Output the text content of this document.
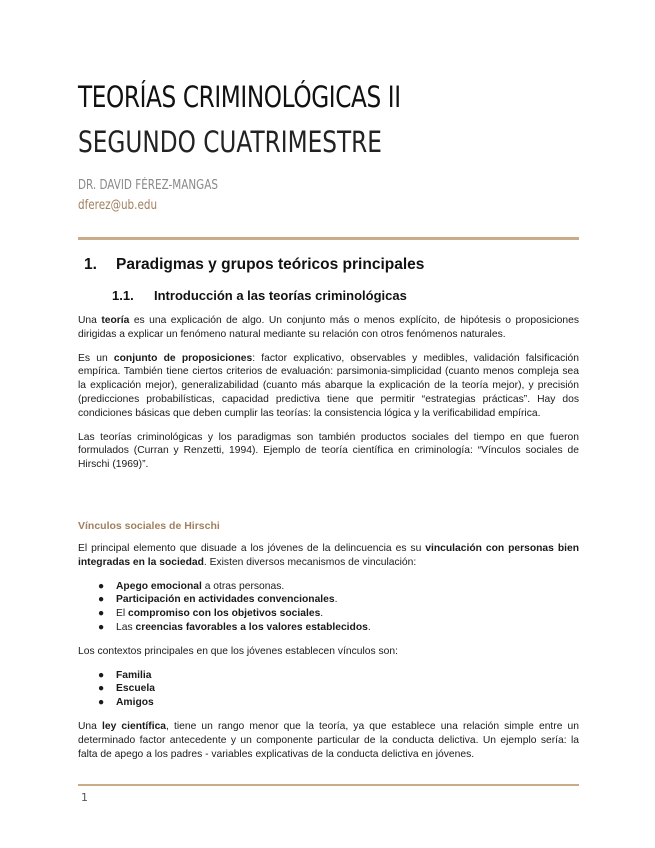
TEORÍAS CRIMINOLÓGICAS II
SEGUNDO CUATRIMESTRE
DR. DAVID FÉREZ-MANGAS
dferez@ub.edu
1. Paradigmas y grupos teóricos principales
1.1. Introducción a las teorías criminológicas

Una teoría es una explicación de algo. Un conjunto más o menos explícito, de hipótesis o proposiciones dirigidas a explicar un fenómeno natural mediante su relación con otros fenómenos naturales.

Es un conjunto de proposiciones: factor explicativo, observables y medibles, validación falsificación empírica. También tiene ciertos criterios de evaluación: parsimonia-simplicidad (cuanto menos compleja sea la explicación mejor), generalizabilidad (cuanto más abarque la explicación de la teoría mejor), y precisión (predicciones probabilísticas, capacidad predictiva tiene que permitir “estrategias prácticas”. Hay dos condiciones básicas que deben cumplir las teorías: la consistencia lógica y la verificabilidad empírica.

Las teorías criminológicas y los paradigmas son también productos sociales del tiempo en que fueron formulados (Curran y Renzetti, 1994). Ejemplo de teoría científica en criminología: “Vínculos sociales de Hirschi (1969)”.

Vínculos sociales de Hirschi

El principal elemento que disuade a los jóvenes de la delincuencia es su vinculación con personas bien integradas en la sociedad. Existen diversos mecanismos de vinculación:

● Apego emocional a otras personas.
● Participación en actividades convencionales.
● El compromiso con los objetivos sociales.
● Las creencias favorables a los valores establecidos.

Los contextos principales en que los jóvenes establecen vínculos son:

● Familia
● Escuela
● Amigos

Una ley científica, tiene un rango menor que la teoría, ya que establece una relación simple entre un determinado factor antecedente y un componente particular de la conducta delictiva. Un ejemplo sería: la falta de apego a los padres - variables explicativas de la conducta delictiva en jóvenes.

1
